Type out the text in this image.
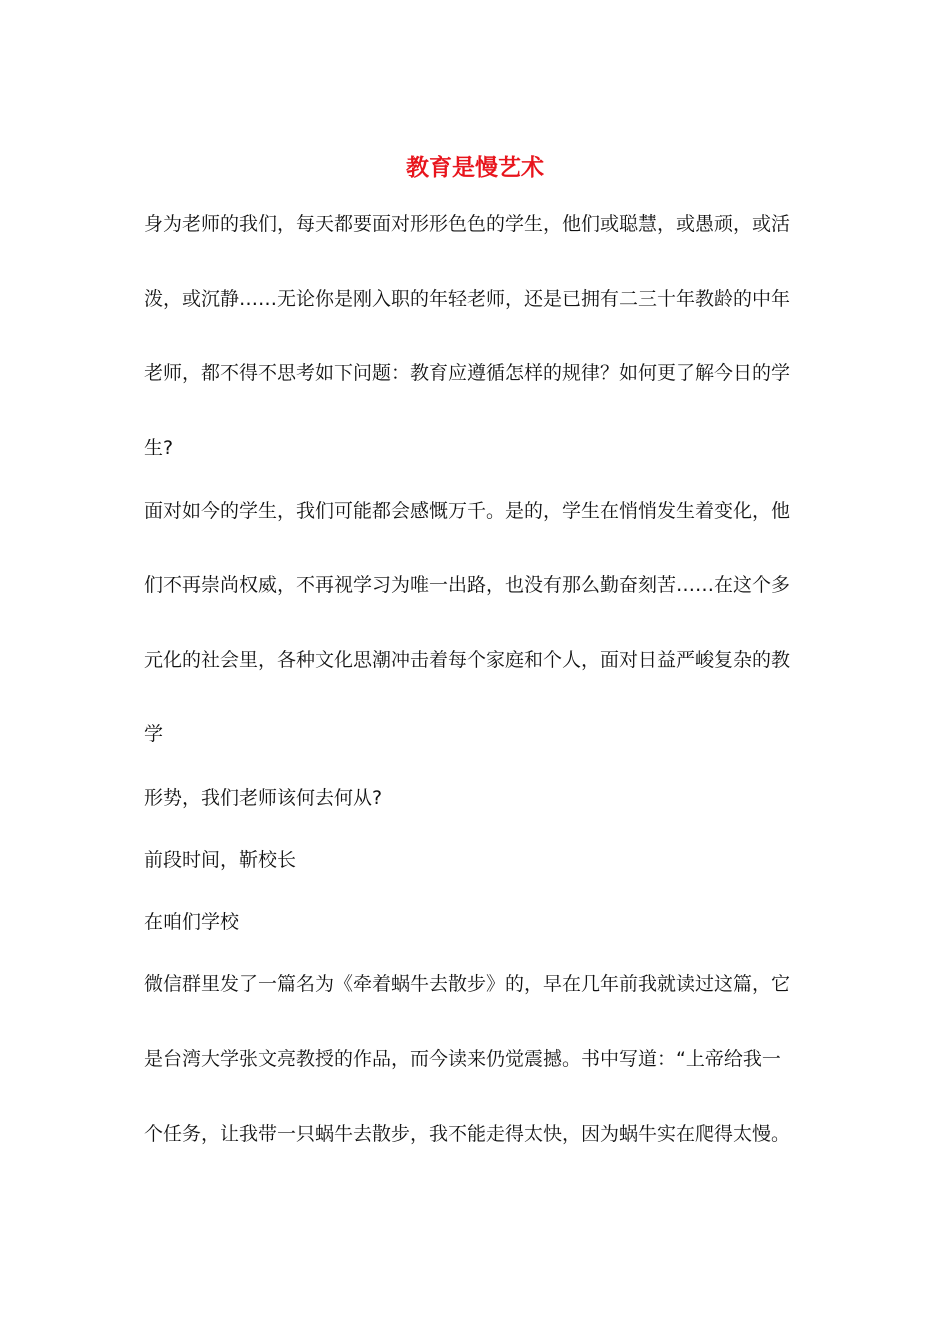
教育是慢艺术

身为老师的我们，每天都要面对形形色色的学生，他们或聪慧，或愚顽，或活

泼，或沉静……无论你是刚入职的年轻老师，还是已拥有二三十年教龄的中年

老师，都不得不思考如下问题：教育应遵循怎样的规律？如何更了解今日的学

生?

面对如今的学生，我们可能都会感慨万千。是的，学生在悄悄发生着变化，他

们不再崇尚权威，不再视学习为唯一出路，也没有那么勤奋刻苦……在这个多

元化的社会里，各种文化思潮冲击着每个家庭和个人，面对日益严峻复杂的教

学

形势，我们老师该何去何从?

前段时间，靳校长

在咱们学校

微信群里发了一篇名为《牵着蜗牛去散步》的，早在几年前我就读过这篇，它

是台湾大学张文亮教授的作品，而今读来仍觉震撼。书中写道：“上帝给我一

个任务，让我带一只蜗牛去散步，我不能走得太快，因为蜗牛实在爬得太慢。
